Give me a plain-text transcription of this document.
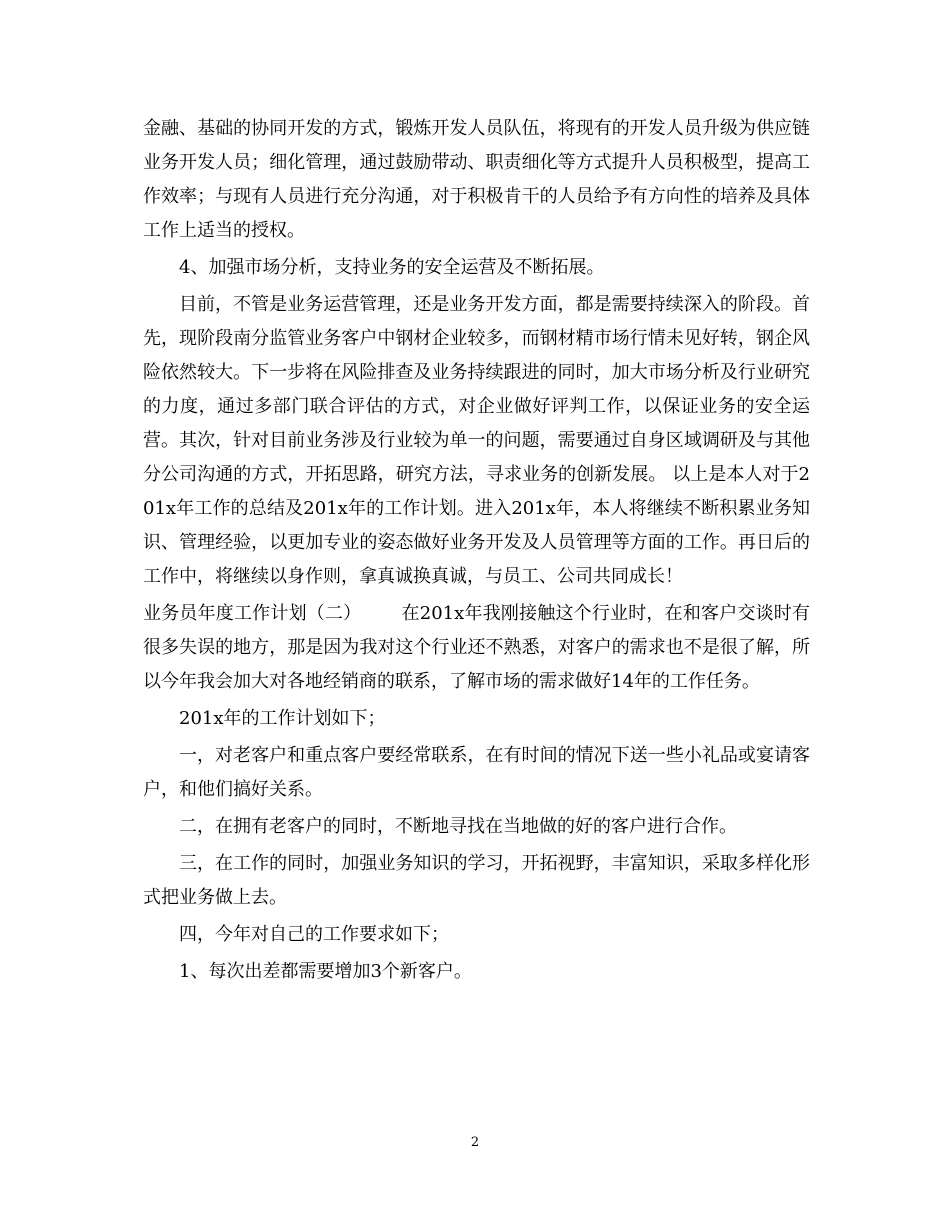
金融、基础的协同开发的方式，锻炼开发人员队伍，将现有的开发人员升级为供应链业务开发人员；细化管理，通过鼓励带动、职责细化等方式提升人员积极型，提高工作效率；与现有人员进行充分沟通，对于积极肯干的人员给予有方向性的培养及具体工作上适当的授权。

4、加强市场分析，支持业务的安全运营及不断拓展。

目前，不管是业务运营管理，还是业务开发方面，都是需要持续深入的阶段。首先，现阶段南分监管业务客户中钢材企业较多，而钢材精市场行情未见好转，钢企风险依然较大。下一步将在风险排查及业务持续跟进的同时，加大市场分析及行业研究的力度，通过多部门联合评估的方式，对企业做好评判工作，以保证业务的安全运营。其次，针对目前业务涉及行业较为单一的问题，需要通过自身区域调研及与其他分公司沟通的方式，开拓思路，研究方法，寻求业务的创新发展。 以上是本人对于201x年工作的总结及201x年的工作计划。进入201x年，本人将继续不断积累业务知识、管理经验，以更加专业的姿态做好业务开发及人员管理等方面的工作。再日后的工作中，将继续以身作则，拿真诚换真诚，与员工、公司共同成长！

业务员年度工作计划（二） 在201x年我刚接触这个行业时，在和客户交谈时有很多失误的地方，那是因为我对这个行业还不熟悉，对客户的需求也不是很了解，所以今年我会加大对各地经销商的联系，了解市场的需求做好14年的工作任务。

201x年的工作计划如下；

一，对老客户和重点客户要经常联系，在有时间的情况下送一些小礼品或宴请客户，和他们搞好关系。

二，在拥有老客户的同时，不断地寻找在当地做的好的客户进行合作。

三，在工作的同时，加强业务知识的学习，开拓视野，丰富知识，采取多样化形式把业务做上去。

四，今年对自己的工作要求如下；

1、每次出差都需要增加3个新客户。

2
